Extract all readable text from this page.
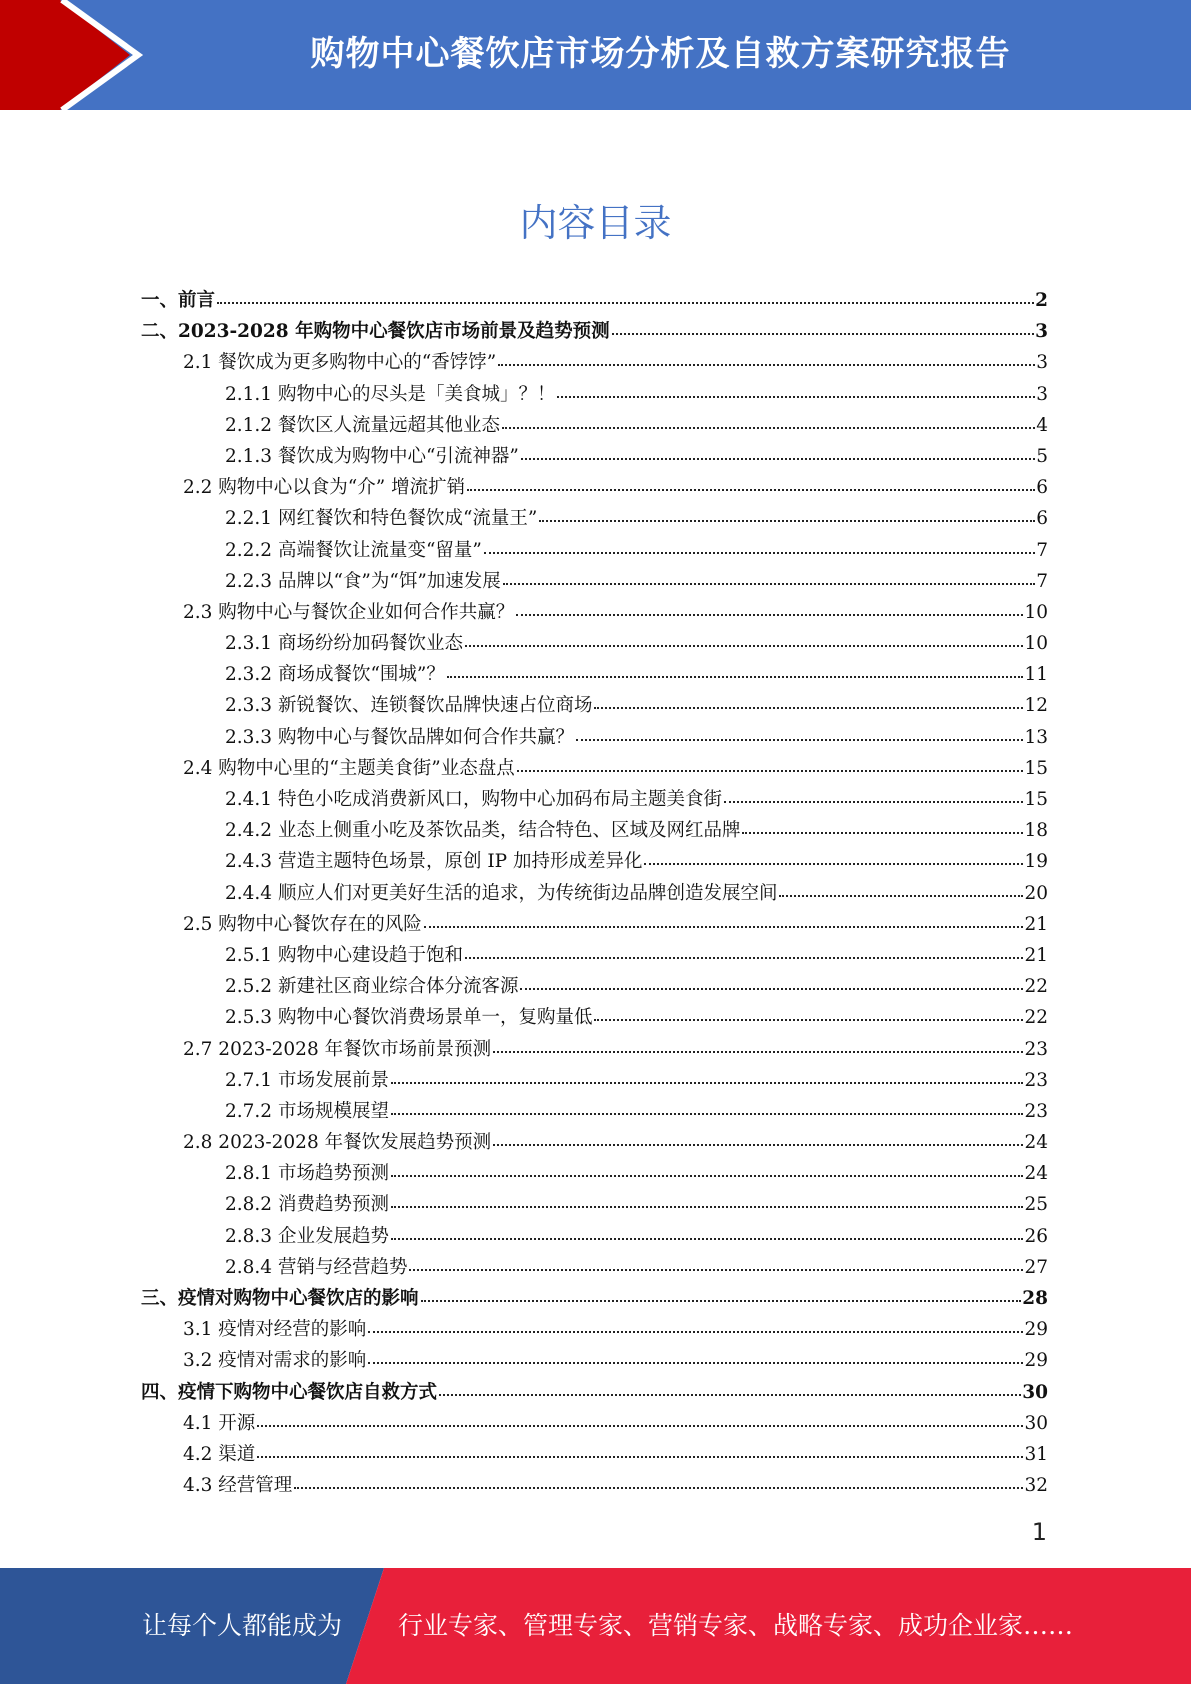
购物中心餐饮店市场分析及自救方案研究报告
内容目录
一、前言	2
二、2023-2028 年购物中心餐饮店市场前景及趋势预测	3
2.1 餐饮成为更多购物中心的“香饽饽”	3
2.1.1 购物中心的尽头是「美食城」？！	3
2.1.2 餐饮区人流量远超其他业态	4
2.1.3 餐饮成为购物中心“引流神器”	5
2.2 购物中心以食为“介” 增流扩销	6
2.2.1 网红餐饮和特色餐饮成“流量王”	6
2.2.2 高端餐饮让流量变“留量”	7
2.2.3 品牌以“食”为“饵”加速发展	7
2.3 购物中心与餐饮企业如何合作共赢？	10
2.3.1 商场纷纷加码餐饮业态	10
2.3.2 商场成餐饮“围城”？	11
2.3.3 新锐餐饮、连锁餐饮品牌快速占位商场	12
2.3.3 购物中心与餐饮品牌如何合作共赢？	13
2.4 购物中心里的“主题美食街”业态盘点	15
2.4.1 特色小吃成消费新风口，购物中心加码布局主题美食街	15
2.4.2 业态上侧重小吃及茶饮品类，结合特色、区域及网红品牌	18
2.4.3 营造主题特色场景，原创 IP 加持形成差异化	19
2.4.4 顺应人们对更美好生活的追求，为传统街边品牌创造发展空间	20
2.5 购物中心餐饮存在的风险	21
2.5.1 购物中心建设趋于饱和	21
2.5.2 新建社区商业综合体分流客源	22
2.5.3 购物中心餐饮消费场景单一，复购量低	22
2.7 2023-2028 年餐饮市场前景预测	23
2.7.1 市场发展前景	23
2.7.2 市场规模展望	23
2.8 2023-2028 年餐饮发展趋势预测	24
2.8.1 市场趋势预测	24
2.8.2 消费趋势预测	25
2.8.3 企业发展趋势	26
2.8.4 营销与经营趋势	27
三、疫情对购物中心餐饮店的影响	28
3.1 疫情对经营的影响	29
3.2 疫情对需求的影响	29
四、疫情下购物中心餐饮店自救方式	30
4.1 开源	30
4.2 渠道	31
4.3 经营管理	32
1
让每个人都能成为 行业专家、管理专家、营销专家、战略专家、成功企业家……
